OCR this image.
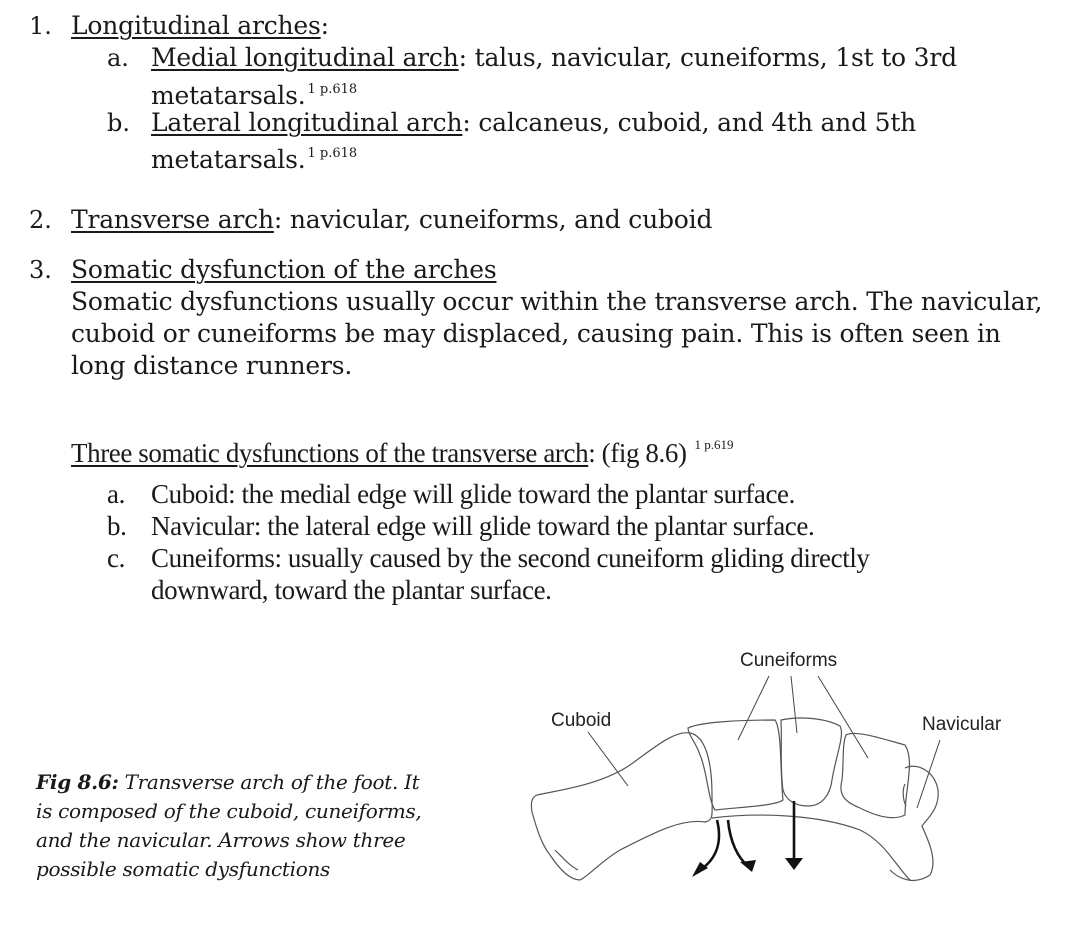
1. Longitudinal arches:
a. Medial longitudinal arch: talus, navicular, cuneiforms, 1st to 3rd
metatarsals. $^{1 p.618}$
b. Lateral longitudinal arch: calcaneus, cuboid, and 4th and 5th
metatarsals. $^{1 p.618}$
2. Transverse arch: navicular, cuneiforms, and cuboid
3. Somatic dysfunction of the arches
Somatic dysfunctions usually occur within the transverse arch. The navicular,
cuboid or cuneiforms be may displaced, causing pain. This is often seen in
long distance runners.
Three somatic dysfunctions of the transverse arch: (fig 8.6) $^{1 p.619}$
a. Cuboid: the medial edge will glide toward the plantar surface.
b. Navicular: the lateral edge will glide toward the plantar surface.
c. Cuneiforms: usually caused by the second cuneiform gliding directly
downward, toward the plantar surface.
Fig 8.6: Transverse arch of the foot. It
is composed of the cuboid, cuneiforms,
and the navicular. Arrows show three
possible somatic dysfunctions
Cuneiforms
Cuboid	Navicular
